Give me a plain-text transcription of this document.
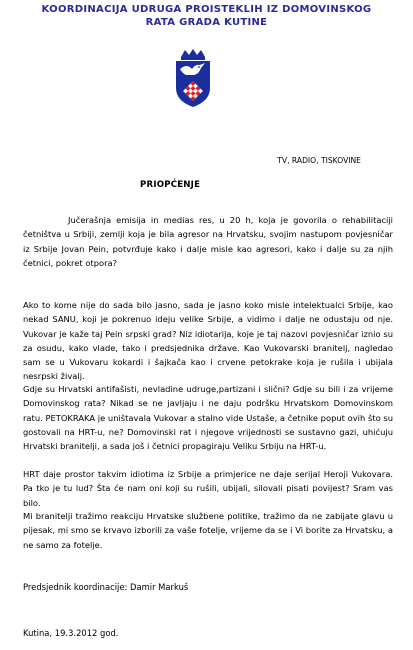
KOORDINACIJA UDRUGA PROISTEKLIH IZ DOMOVINSKOG
RATA GRADA KUTINE
TV, RADIO, TISKOVINE
PRIOPĆENJE

Jučerašnja emisija in medias res, u 20 h, koja je govorila o rehabilitaciji četništva u Srbiji, zemlji koja je bila agresor na Hrvatsku, svojim nastupom povjesničar iz Srbije Jovan Pein, potvrđuje kako i dalje misle kao agresori, kako i dalje su za njih četnici, pokret otpora?

Ako to kome nije do sada bilo jasno, sada je jasno koko misle intelektualci Srbije, kao nekad SANU, koji je pokrenuo ideju velike Srbije, a vidimo i dalje ne odustaju od nje. Vukovar je kaže taj Pein srpski grad? Niz idiotarija, koje je taj nazovi povjesničar iznio su za osudu, kako vlade, tako i predsjednika države. Kao Vukovarski branitelj, nagledao sam se u Vukovaru kokardi i šajkača kao i crvene petokrake koja je rušila i ubijala nesrpski živalj.

Gdje su Hrvatski antifašisti, nevladine udruge,partizani i slični? Gdje su bili i za vrijeme Domovinskog rata? Nikad se ne javljaju i ne daju podršku Hrvatskom Domovinskom ratu. PETOKRAKA je uništavala Vukovar a stalno vide Ustaše, a četnike poput ovih što su gostovali na HRT-u, ne? Domovinski rat i njegove vrijednosti se sustavno gazi, uhićuju Hrvatski branitelji, a sada još i četnici propagiraju Veliku Srbiju na HRT-u.

HRT daje prostor takvim idiotima iz Srbije a primjerice ne daje serijal Heroji Vukovara. Pa tko je tu lud? Šta će nam oni koji su rušili, ubijali, silovali pisati povijest? Sram vas bilo.

Mi branitelji tražimo reakciju Hrvatske službene politike, tražimo da ne zabijate glavu u pijesak, mi smo se krvavo izborili za vaše fotelje, vrijeme da se i Vi borite za Hrvatsku, a ne samo za fotelje.

Predsjednik koordinacije: Damir Markuš
Kutina, 19.3.2012 god.
